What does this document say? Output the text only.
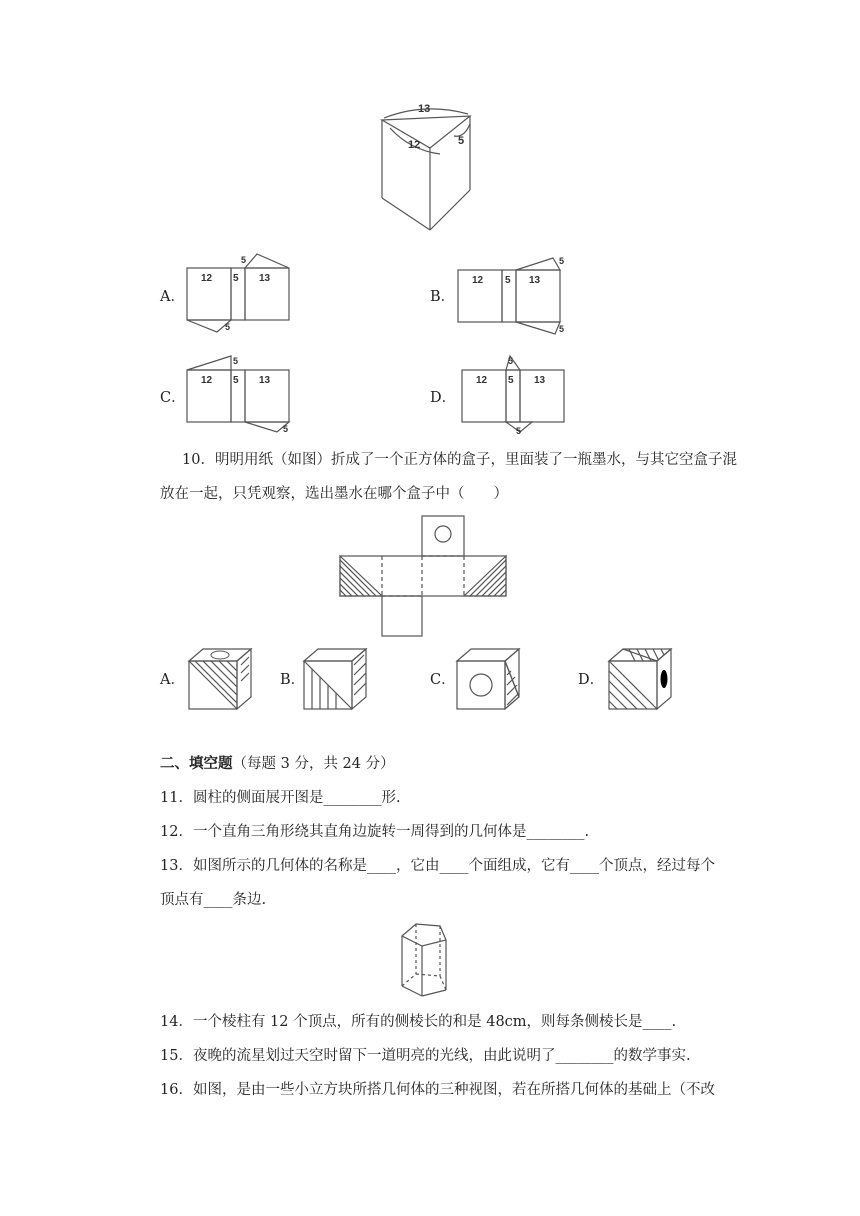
13
12	5
A．
12 5 13
5
5
B．
12 5 13
5
5
C．
12 5 13
5
5
D．
12 5 13
5
5
10．明明用纸（如图）折成了一个正方体的盒子，里面装了一瓶墨水，与其它空盒子混
放在一起，只凭观察，选出墨水在哪个盒子中（　　）
A．	B．	C．	D．
二、填空题（每题 3 分，共 24 分）
11．圆柱的侧面展开图是________形.
12．一个直角三角形绕其直角边旋转一周得到的几何体是________.
13．如图所示的几何体的名称是____，它由____个面组成，它有____个顶点，经过每个
顶点有____条边.
14．一个棱柱有 12 个顶点，所有的侧棱长的和是 48cm，则每条侧棱长是____.
15．夜晚的流星划过天空时留下一道明亮的光线，由此说明了________的数学事实.
16．如图，是由一些小立方块所搭几何体的三种视图，若在所搭几何体的基础上（不改
